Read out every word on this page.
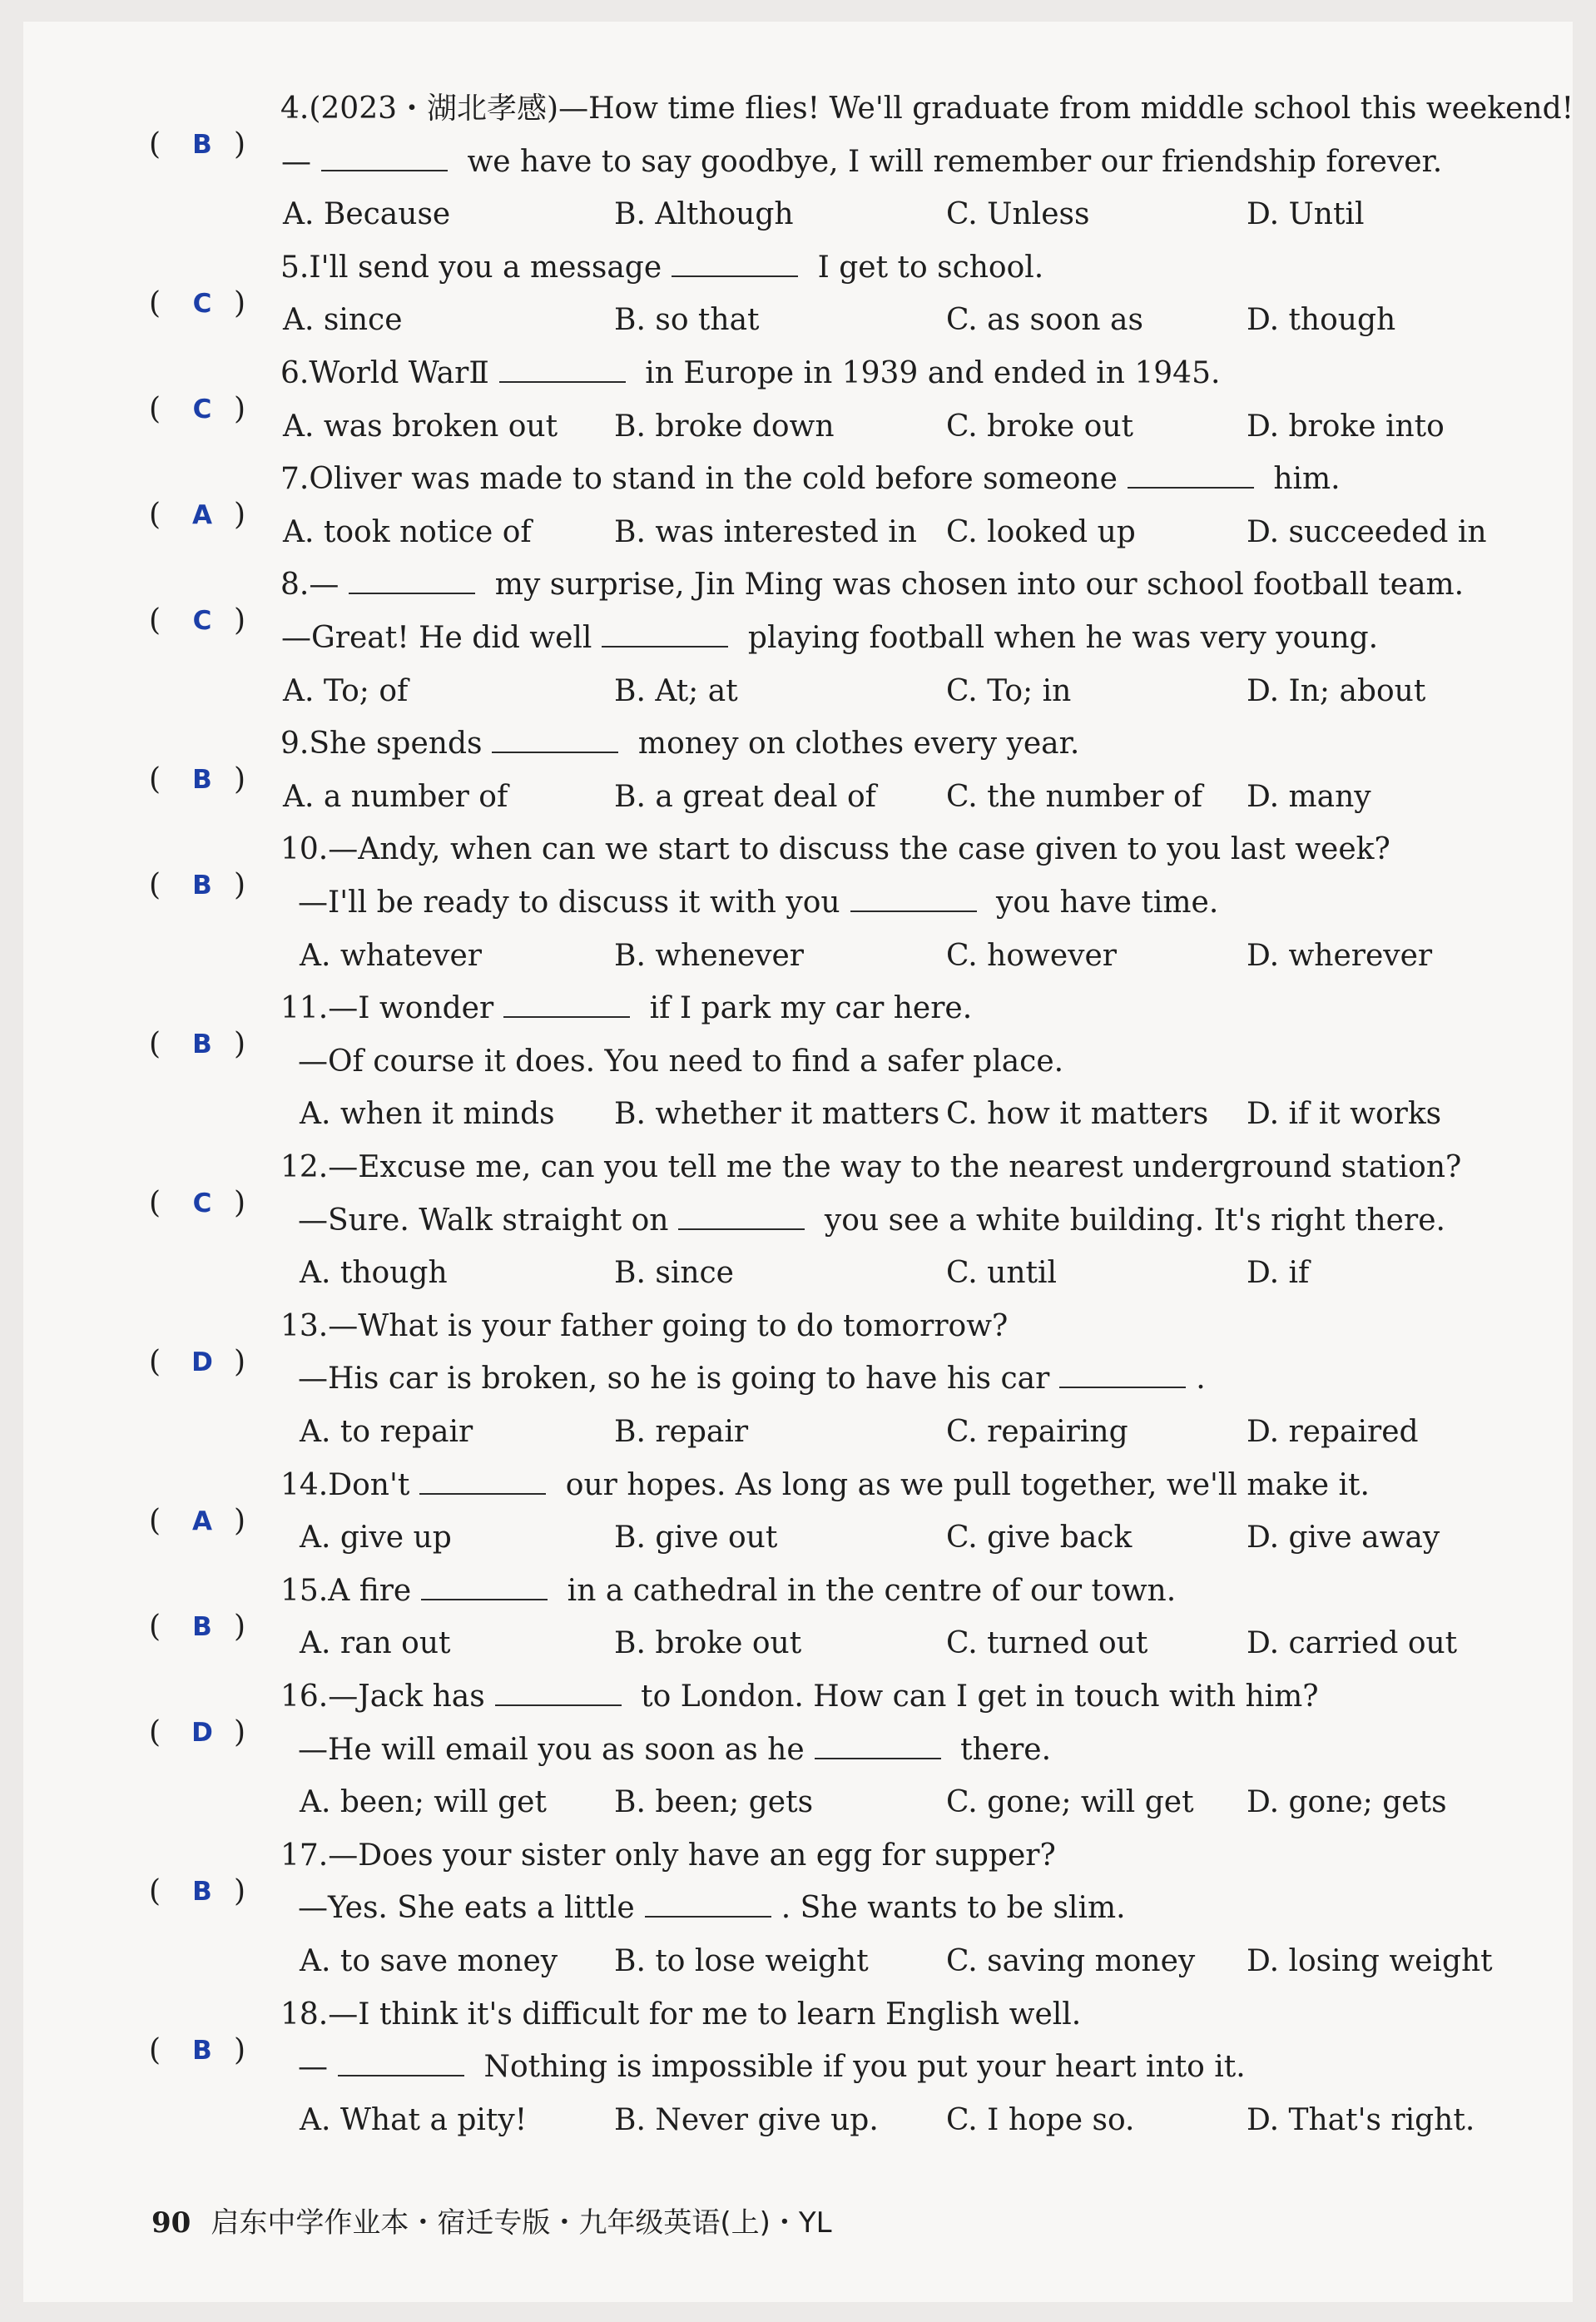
(	B )
4.(2023・湖北孝感)—How time flies! We'll graduate from middle school this weekend!
—	we have to say goodbye, I will remember our friendship forever.
A. Because	B. Although	C. Unless	D. Until
(	C )
5.I'll send you a message	I get to school.
A. since	B. so that	C. as soon as	D. though
(	C )
6.World WarⅡ	in Europe in 1939 and ended in 1945.
A. was broken out B. broke down	C. broke out	D. broke into
(	A )
7.Oliver was made to stand in the cold before someone	him.
A. took notice of	B. was interested in C. looked up	D. succeeded in
(	C )
8.—	my surprise, Jin Ming was chosen into our school football team.
—Great! He did well	playing football when he was very young.
A. To; of	B. At; at	C. To; in	D. In; about
(	B )
9.She spends	money on clothes every year.
A. a number of	B. a great deal of C. the number of D. many
(	B )
10.—Andy, when can we start to discuss the case given to you last week?
—I'll be ready to discuss it with you	you have time.
A. whatever	B. whenever	C. however	D. wherever
(	B )
11.—I wonder	if I park my car here.
—Of course it does. You need to find a safer place.
A. when it minds B. whether it matters C. how it matters D. if it works
(	C )
12.—Excuse me, can you tell me the way to the nearest underground station?
—Sure. Walk straight on	you see a white building. It's right there.
A. though	B. since	C. until	D. if
( D )
13.—What is your father going to do tomorrow?
—His car is broken, so he is going to have his car	.
A. to repair	B. repair	C. repairing	D. repaired
(	A )
14.Don't	our hopes. As long as we pull together, we'll make it.
A. give up	B. give out	C. give back	D. give away
(	B )
15.A fire	in a cathedral in the centre of our town.
A. ran out	B. broke out	C. turned out	D. carried out
( D )
16.—Jack has	to London. How can I get in touch with him?
—He will email you as soon as he	there.
A. been; will get B. been; gets	C. gone; will get D. gone; gets
(	B )
17.—Does your sister only have an egg for supper?
—Yes. She eats a little	. She wants to be slim.
A. to save money B. to lose weight	C. saving money D. losing weight
(	B )
18.—I think it's difficult for me to learn English well.
—	Nothing is impossible if you put your heart into it.
A. What a pity!	B. Never give up. C. I hope so.	D. That's right.
90 启东中学作业本・宿迁专版・九年级英语(上)・YL
